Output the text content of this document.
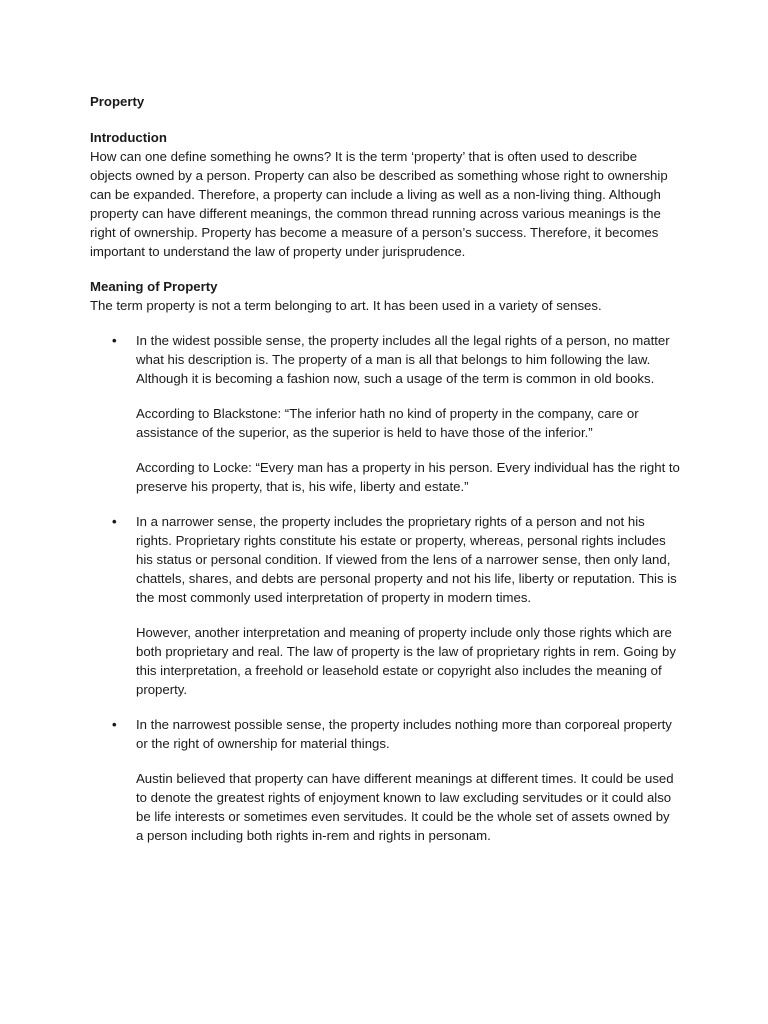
Property
Introduction

How can one define something he owns? It is the term ‘property’ that is often used to describe objects owned by a person. Property can also be described as something whose right to ownership can be expanded. Therefore, a property can include a living as well as a non-living thing. Although property can have different meanings, the common thread running across various meanings is the right of ownership. Property has become a measure of a person’s success. Therefore, it becomes important to understand the law of property under jurisprudence.

Meaning of Property

The term property is not a term belonging to art. It has been used in a variety of senses.

• In the widest possible sense, the property includes all the legal rights of a person, no matter what his description is. The property of a man is all that belongs to him following the law. Although it is becoming a fashion now, such a usage of the term is common in old books.

According to Blackstone: “The inferior hath no kind of property in the company, care or assistance of the superior, as the superior is held to have those of the inferior.”

According to Locke: “Every man has a property in his person. Every individual has the right to preserve his property, that is, his wife, liberty and estate.”

• In a narrower sense, the property includes the proprietary rights of a person and not his rights. Proprietary rights constitute his estate or property, whereas, personal rights includes his status or personal condition. If viewed from the lens of a narrower sense, then only land, chattels, shares, and debts are personal property and not his life, liberty or reputation. This is the most commonly used interpretation of property in modern times.

However, another interpretation and meaning of property include only those rights which are both proprietary and real. The law of property is the law of proprietary rights in rem. Going by this interpretation, a freehold or leasehold estate or copyright also includes the meaning of property.

• In the narrowest possible sense, the property includes nothing more than corporeal property or the right of ownership for material things.

Austin believed that property can have different meanings at different times. It could be used to denote the greatest rights of enjoyment known to law excluding servitudes or it could also be life interests or sometimes even servitudes. It could be the whole set of assets owned by a person including both rights in-rem and rights in personam.
